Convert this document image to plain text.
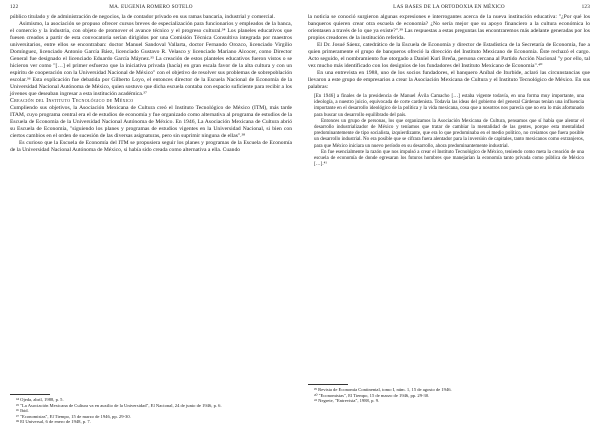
122	MA. EUGENIA ROMERO SOTELO

público titulado y de administración de negocios, la de contador privado en sus ramas bancaria, industrial y comercial.

Asimismo, la asociación se propuso ofrecer cursos breves de especialización para funcionarios y empleados de la banca, el comercio y la industria, con objeto de promover el avance técnico y el progreso cultural.³⁴ Los planeles educativos que fuesen creados a partir de esta convocatoria serían dirigidos por una Comisión Técnica Consultiva integrada por maestros universitarios, entre ellos se encontraban: doctor Manuel Sandoval Vallarta, doctor Fernando Orozco, licenciado Virgilio Domínguez, licenciado Antonio García Báez, licenciado Gustavo R. Velasco y licenciado Mariano Alcocer, como Director General fue designado el licenciado Eduardo García Máynez.³⁵ La creación de estos planteles educativos fueron vistos o se hicieron ver como "[…] el primer esfuerzo que la iniciativa privada (hacía) en gran escala favor de la alta cultura y con un espíritu de cooperación con la Universidad Nacional de México" con el objetivo de resolver sus problemas de sobrepoblación escolar.³⁶ Esta explicación fue debatida por Gilberto Loyo, el entonces director de la Escuela Nacional de Economía de la Universidad Nacional Autónoma de México, quien sostuvo que dicha escuela contaba con espacio suficiente para recibir a los jóvenes que deseaban ingresar a esta institución académica.³⁷

Creación del Instituto Tecnológico de México

Cumpliendo sus objetivos, la Asociación Mexicana de Cultura creó el Instituto Tecnológico de México (ITM), más tarde ITAM, cuyo programa central era el de estudios de economía y fue organizado como alternativa al programa de estudios de la Escuela de Economía de la Universidad Nacional Autónoma de México. En 1946, La Asociación Mexicana de Cultura abrió su Escuela de Economía, "siguiendo los planes y programas de estudios vigentes en la Universidad Nacional, si bien con ciertos cambios en el orden de sucesión de las diversas asignaturas, pero sin suprimir ninguna de ellas".³⁸

Es curioso que la Escuela de Economía del ITM se propusiera seguir los planes y programas de la Escuela de Economía de la Universidad Nacional Autónoma de México, si había sido creada como alternativa a ella. Cuando

³⁴ Ojeda, abril, 1988, p. 5.
³⁵ "La Asociación Mexicana de Cultura va en auxilio de la Universidad", El Nacional, 24 de junio de 1946, p. 6.
³⁶ Ibid.
³⁷ "Economistas", El Tiempo, 15 de marzo de 1946, pp. 29-30.
³⁸ El Universal, 6 de enero de 1948, p. 7.
LAS BASES DE LA ORTODOXIA EN MÉXICO	123

la noticia se conoció surgieron algunas expresiones e interrogantes acerca de la nueva institución educativa: "¿Por qué los banqueros quieren crear otra escuela de economía? ¿No sería mejor que su apoyo financiero a la cultura económica lo orientasen a través de lo que ya existe?".³⁹ Las respuestas a estas preguntas las encontraremos más adelante generadas por los propios creadores de la institución referida.

El Dr. Josué Sáenz, catedrático de la Escuela de Economía y director de Estadística de la Secretaría de Economía, fue a quien primeramente el grupo de banqueros ofreció la dirección del Instituto Mexicano de Economía. Éste rechazó el cargo. Acto seguido, el nombramiento fue otorgado a Daniel Kuri Breña, persona cercana al Partido Acción Nacional "y por ello, tal vez mucho más identificado con los designios de los fundadores del Instituto Mexicano de Economía".⁴⁰

En una entrevista en 1988, uno de los socios fundadores, el banquero Aníbal de Iturbide, aclaró las circunstancias que llevaron a este grupo de empresarios a crear la Asociación Mexicana de Cultura y el Instituto Tecnológico de México. En sus palabras:

[En 1946] a finales de la presidencia de Manuel Ávila Camacho […] estaba vigente todavía, en una forma muy importante, una ideología, a nuestro juicio, equivocada de corte cardenista. Todavía las ideas del gobierno del general Cárdenas tenían una influencia importante en el desarrollo ideológico de la política y la vida mexicana, cosa que a nosotros nos parecía que no era lo más afortunado para buscar un desarrollo equilibrado del país.

Entonces un grupo de personas, los que organizamos la Asociación Mexicana de Cultura, pensamos que sí había que alentar el desarrollo industrializador de México y teníamos que tratar de cambiar la mentalidad de las gentes, porque esta mentalidad predominantemente de tipo socialista, izquierdizante, que era lo que predominaba en el medio político, no creíamos que fuera posible un desarrollo industrial. No era posible que se cifrara fuera alentador para la inversión de capitales, tanto mexicanos como extranjeros, para que México iniciara un nuevo período en su desarrollo, ahora predominantemente industrial.

En fue esencialmente la razón que nos impulsó a crear el Instituto Tecnológico de México, teniendo como meta la creación de una escuela de economía de donde egresaran los futuros hombres que manejarían la economía tanto privada como pública de México […].⁴¹

³⁹ Revista de Economía Continental, tomo I, núm. 1, 15 de agosto de 1946.
⁴⁰ "Economistas", El Tiempo, 15 de marzo de 1946, pp. 29-30.
⁴¹ Negrete, "Entrevista", 1988, p. 9.
